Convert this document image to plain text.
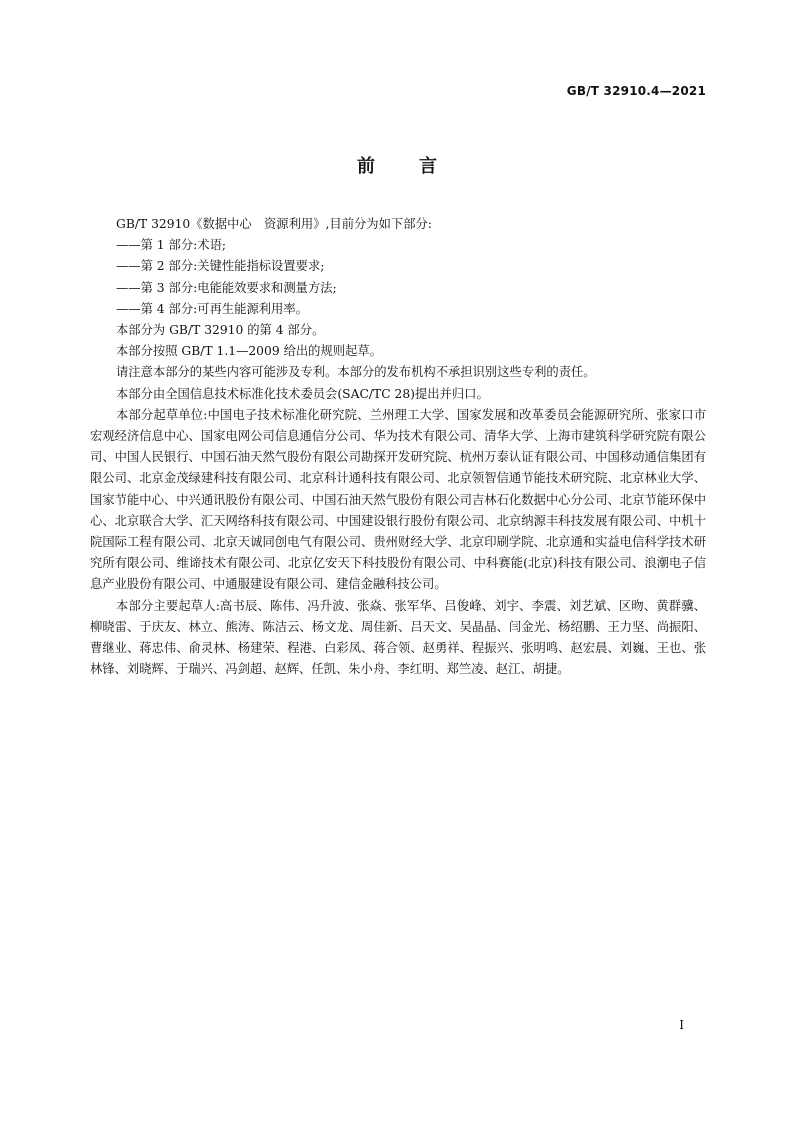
GB/T 32910.4—2021
前言

GB/T 32910《数据中心　资源利用》,目前分为如下部分:

——第 1 部分:术语;

——第 2 部分:关键性能指标设置要求;

——第 3 部分:电能能效要求和测量方法;

——第 4 部分:可再生能源利用率。

本部分为 GB/T 32910 的第 4 部分。

本部分按照 GB/T 1.1—2009 给出的规则起草。

请注意本部分的某些内容可能涉及专利。本部分的发布机构不承担识别这些专利的责任。

本部分由全国信息技术标准化技术委员会(SAC/TC 28)提出并归口。

本部分起草单位:中国电子技术标准化研究院、兰州理工大学、国家发展和改革委员会能源研究所、张家口市宏观经济信息中心、国家电网公司信息通信分公司、华为技术有限公司、清华大学、上海市建筑科学研究院有限公司、中国人民银行、中国石油天然气股份有限公司勘探开发研究院、杭州万泰认证有限公司、中国移动通信集团有限公司、北京金茂绿建科技有限公司、北京科计通科技有限公司、北京领智信通节能技术研究院、北京林业大学、国家节能中心、中兴通讯股份有限公司、中国石油天然气股份有限公司吉林石化数据中心分公司、北京节能环保中心、北京联合大学、汇天网络科技有限公司、中国建设银行股份有限公司、北京纳源丰科技发展有限公司、中机十院国际工程有限公司、北京天诚同创电气有限公司、贵州财经大学、北京印刷学院、北京通和实益电信科学技术研究所有限公司、维谛技术有限公司、北京亿安天下科技股份有限公司、中科赛能(北京)科技有限公司、浪潮电子信息产业股份有限公司、中通服建设有限公司、建信金融科技公司。

本部分主要起草人:高书辰、陈伟、冯升波、张焱、张军华、吕俊峰、刘宇、李震、刘艺斌、区昒、黄群骥、柳晓雷、于庆友、林立、熊涛、陈洁云、杨文龙、周佳新、吕天文、吴晶晶、闫金光、杨绍鹏、王力坚、尚振阳、曹继业、蒋忠伟、俞灵林、杨建荣、程港、白彩凤、蒋合领、赵勇祥、程振兴、张明鸣、赵宏晨、刘巍、王也、张林锋、刘晓辉、于瑞兴、冯剑超、赵辉、任凯、朱小舟、李红明、郑竺凌、赵江、胡捷。

I
